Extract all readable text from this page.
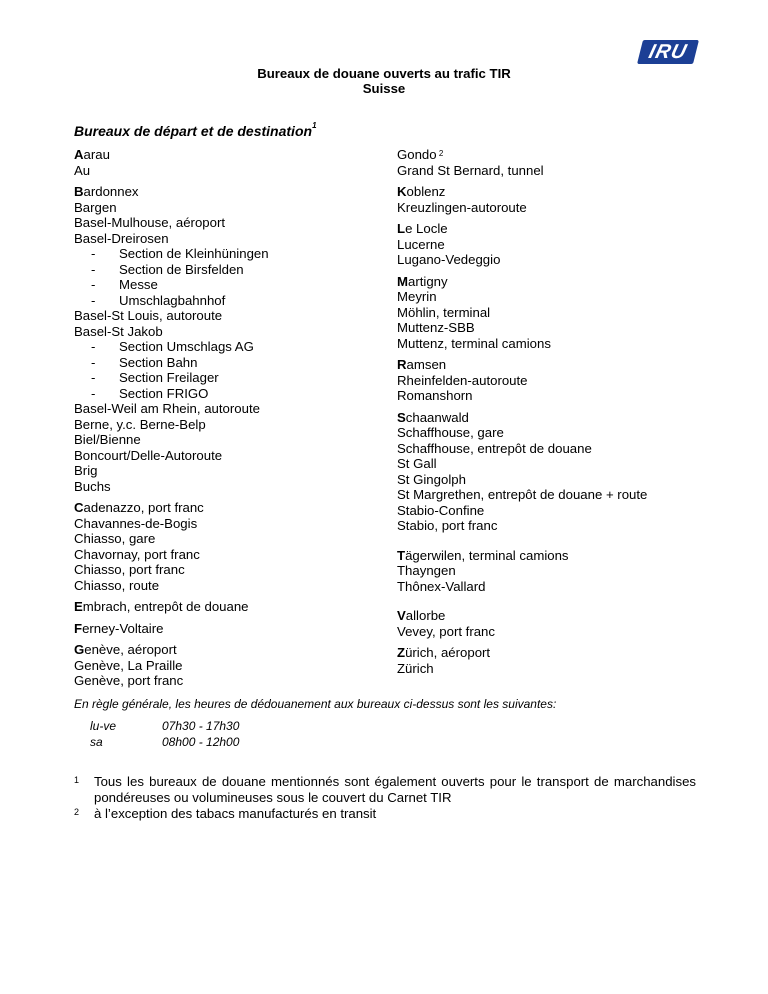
IRU
Bureaux de douane ouverts au trafic TIR
Suisse
Bureaux de départ et de destination$^1$
Aarau
Au
Bardonnex
Bargen
Basel-Mulhouse, aéroport
Basel-Dreirosen
- Section de Kleinhüningen
- Section de Birsfelden
- Messe
- Umschlagbahnhof
Basel-St Louis, autoroute
Basel-St Jakob
- Section Umschlags AG
- Section Bahn
- Section Freilager
- Section FRIGO
Basel-Weil am Rhein, autoroute
Berne, y.c. Berne-Belp
Biel/Bienne
Boncourt/Delle-Autoroute
Brig
Buchs
Cadenazzo, port franc
Chavannes-de-Bogis
Chiasso, gare
Chavornay, port franc
Chiasso, port franc
Chiasso, route
Embrach, entrepôt de douane
Ferney-Voltaire
Genève, aéroport
Genève, La Praille
Genève, port franc
Gondo $^2$
Grand St Bernard, tunnel
Koblenz
Kreuzlingen-autoroute
Le Locle
Lucerne
Lugano-Vedeggio
Martigny
Meyrin
Möhlin, terminal
Muttenz-SBB
Muttenz, terminal camions
Ramsen
Rheinfelden-autoroute
Romanshorn
Schaanwald
Schaffhouse, gare
Schaffhouse, entrepôt de douane
St Gall
St Gingolph
St Margrethen, entrepôt de douane + route
Stabio-Confine
Stabio, port franc
Tägerwilen, terminal camions
Thayngen
Thônex-Vallard
Vallorbe
Vevey, port franc
Zürich, aéroport
Zürich
En règle générale, les heures de dédouanement aux bureaux ci-dessus sont les suivantes:
lu-ve	07h30 - 17h30
sa	08h00 - 12h00
1	Tous les bureaux de douane mentionnés sont également ouverts pour le transport de marchandises pondéreuses ou volumineuses sous le couvert du Carnet TIR
2	à l’exception des tabacs manufacturés en transit
